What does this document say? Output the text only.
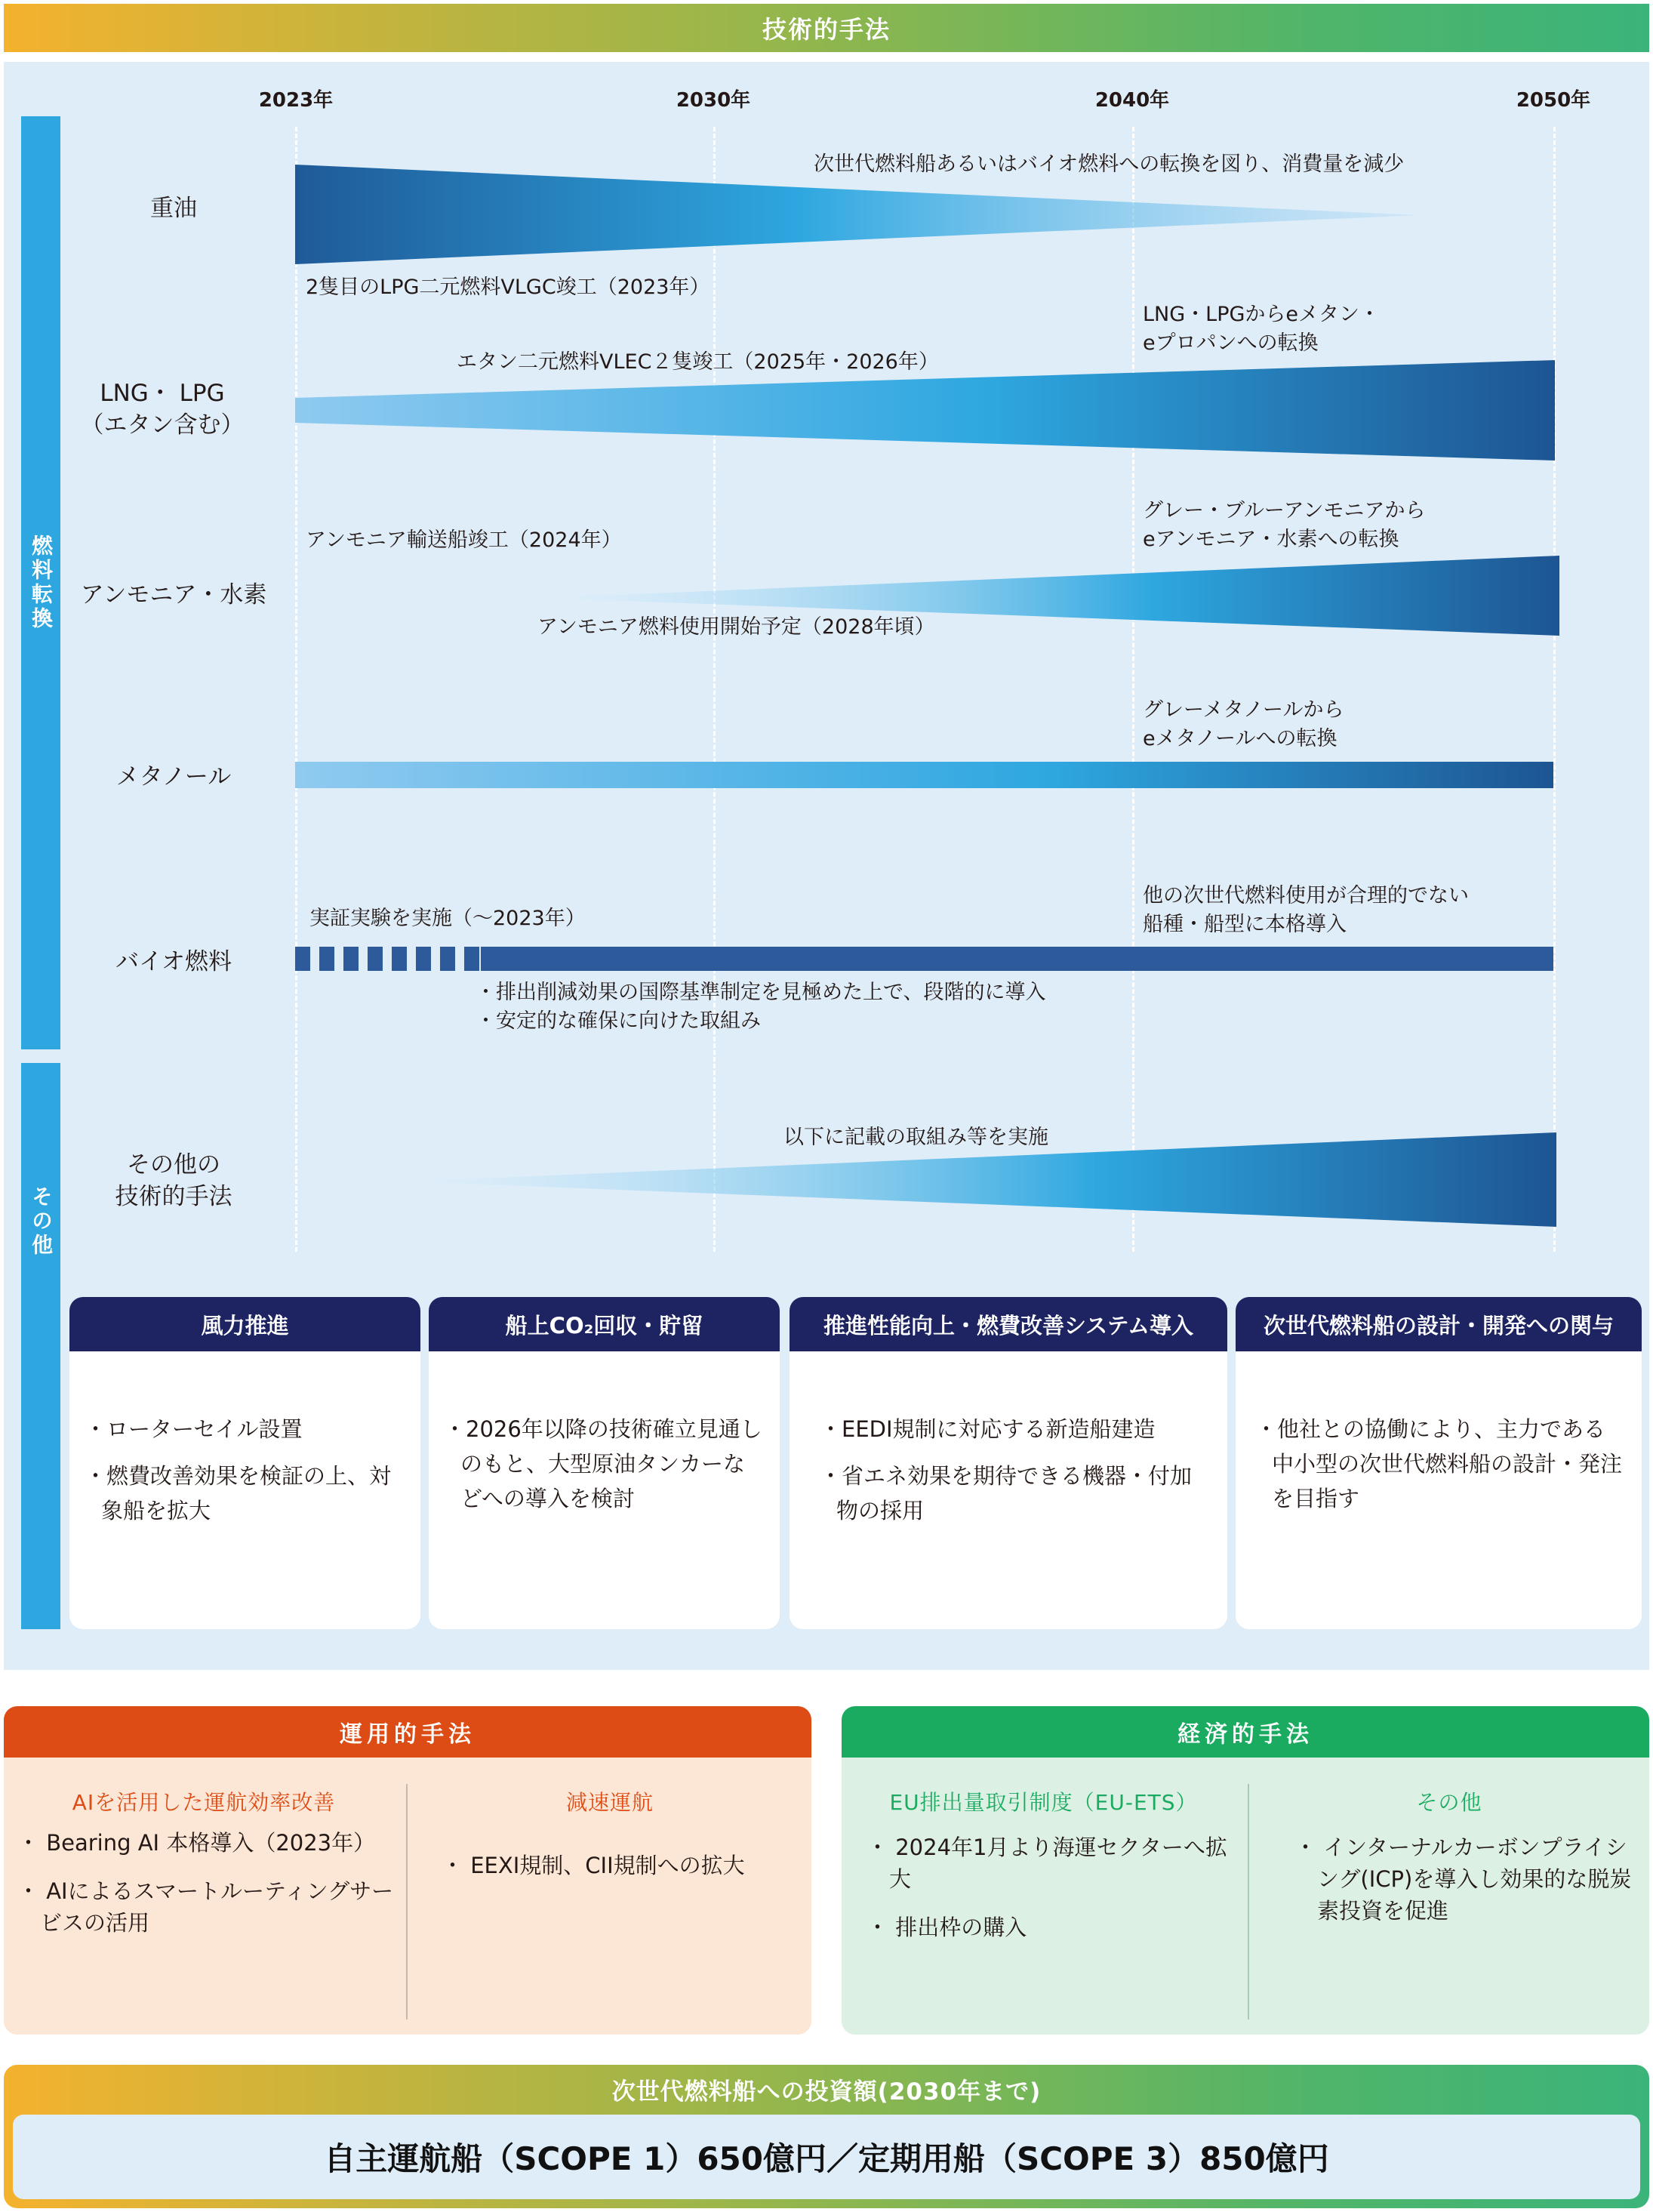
技術的手法
燃料転換
その他
2023年	2030年	2040年	2050年
重油
LNG・ LPG
（エタン含む）
アンモニア・水素
メタノール
バイオ燃料
その他の
技術的手法
次世代燃料船あるいはバイオ燃料への転換を図り、消費量を減少
2隻目のLPG二元燃料VLGC竣工（2023年）
LNG・LPGからeメタン・
eプロパンへの転換
エタン二元燃料VLEC２隻竣工（2025年・2026年）
グレー・ブルーアンモニアから
eアンモニア・水素への転換
アンモニア輸送船竣工（2024年）
アンモニア燃料使用開始予定（2028年頃）
グレーメタノールから
eメタノールへの転換
他の次世代燃料使用が合理的でない
船種・船型に本格導入
実証実験を実施（～2023年）
・排出削減効果の国際基準制定を見極めた上で、段階的に導入
・安定的な確保に向けた取組み
以下に記載の取組み等を実施
風力推進
・ローターセイル設置
・燃費改善効果を検証の上、対象船を拡大
船上CO₂回収・貯留
・2026年以降の技術確立見通しのもと、大型原油タンカーなどへの導入を検討
推進性能向上・燃費改善システム導入
・EEDI規制に対応する新造船建造
・省エネ効果を期待できる機器・付加物の採用
次世代燃料船の設計・開発への関与
・他社との協働により、主力である中小型の次世代燃料船の設計・発注を目指す
運用的手法
AIを活用した運航効率改善
・ Bearing AI 本格導入（2023年）
・ AIによるスマートルーティングサービスの活用
減速運航
・ EEXI規制、CII規制への拡大
経済的手法
EU排出量取引制度（EU-ETS）
・ 2024年1月より海運セクターへ拡大
・ 排出枠の購入
その他
・ インターナルカーボンプライシング(ICP)を導入し効果的な脱炭素投資を促進
次世代燃料船への投資額(2030年まで)
自主運航船（SCOPE 1）650億円／定期用船（SCOPE 3）850億円
